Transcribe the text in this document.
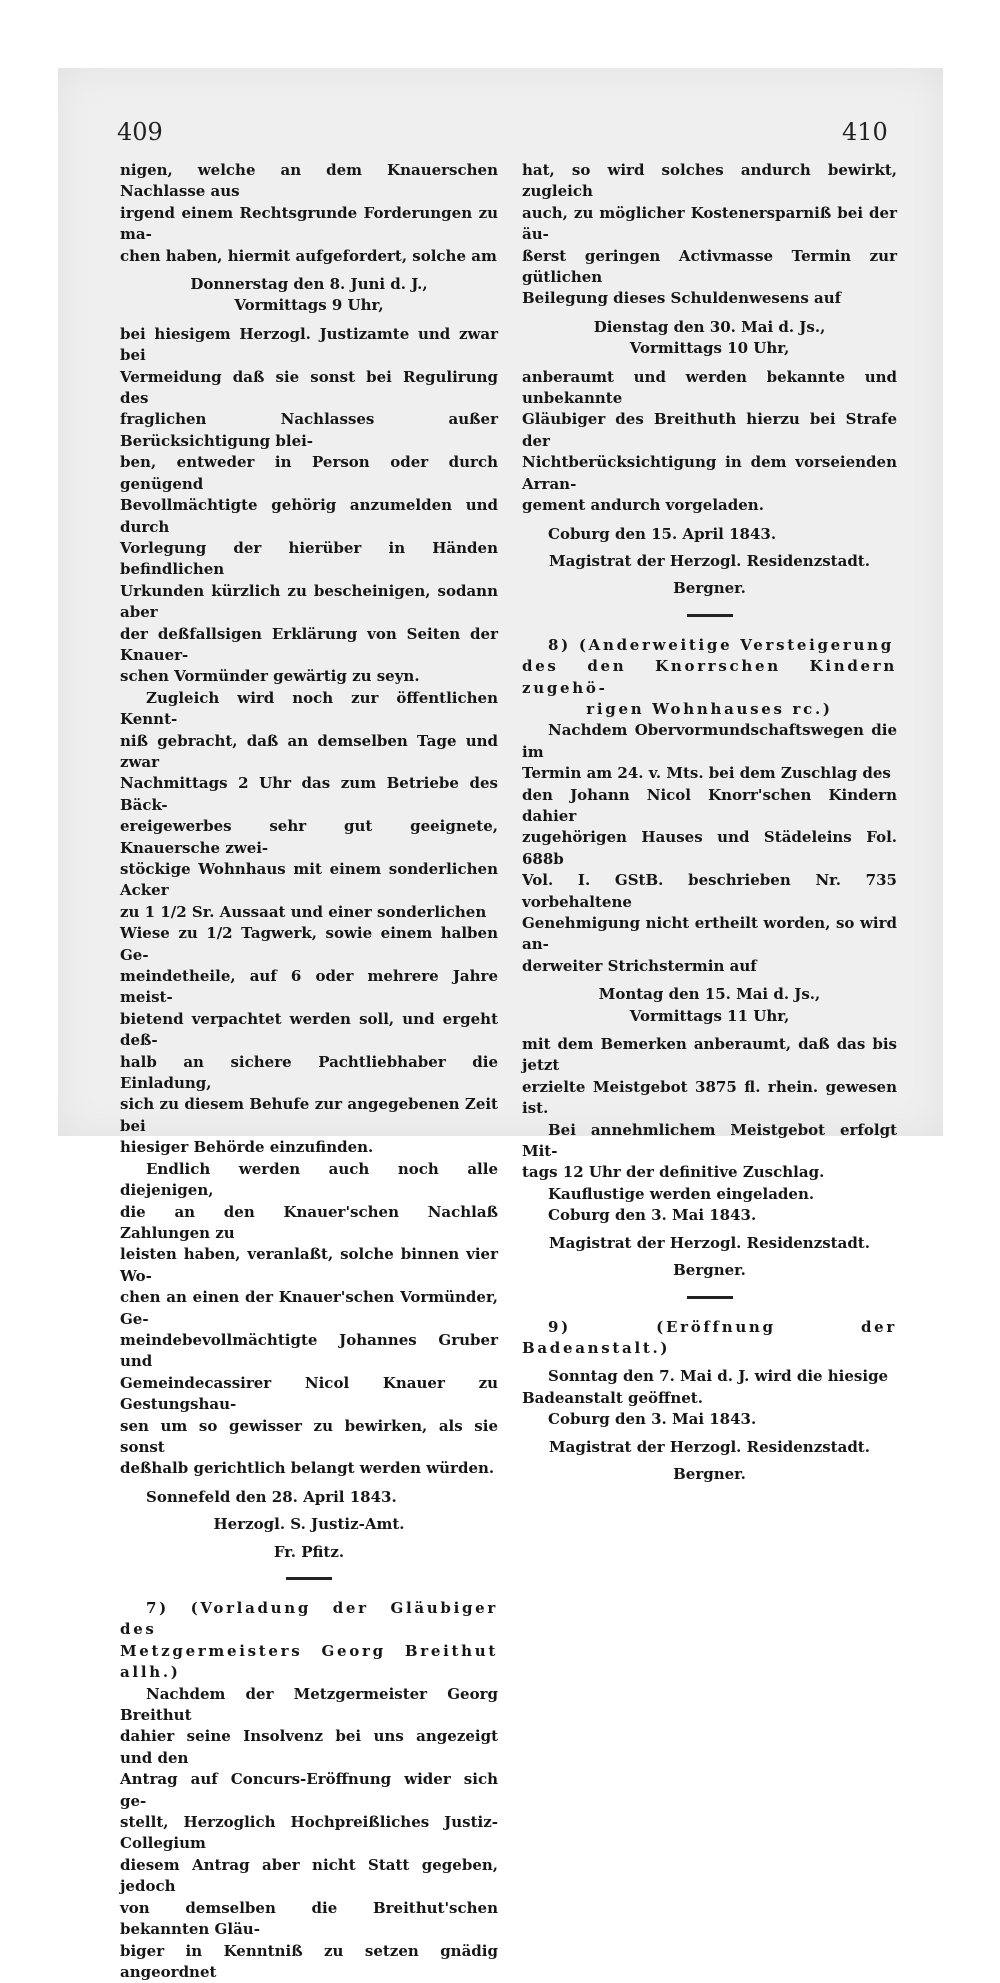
409	410
nigen, welche an dem Knauerschen Nachlasse aus
irgend einem Rechtsgrunde Forderungen zu ma-
chen haben, hiermit aufgefordert, solche am
Donnerstag den 8. Juni d. J.,
Vormittags 9 Uhr,
bei hiesigem Herzogl. Justizamte und zwar bei
Vermeidung daß sie sonst bei Regulirung des
fraglichen Nachlasses außer Berücksichtigung blei-
ben, entweder in Person oder durch genügend
Bevollmächtigte gehörig anzumelden und durch
Vorlegung der hierüber in Händen befindlichen
Urkunden kürzlich zu bescheinigen, sodann aber
der deßfallsigen Erklärung von Seiten der Knauer-
schen Vormünder gewärtig zu seyn.
Zugleich wird noch zur öffentlichen Kennt-
niß gebracht, daß an demselben Tage und zwar
Nachmittags 2 Uhr das zum Betriebe des Bäck-
ereigewerbes sehr gut geeignete, Knauersche zwei-
stöckige Wohnhaus mit einem sonderlichen Acker
zu 1 1/2 Sr. Aussaat und einer sonderlichen
Wiese zu 1/2 Tagwerk, sowie einem halben Ge-
meindetheile, auf 6 oder mehrere Jahre meist-
bietend verpachtet werden soll, und ergeht deß-
halb an sichere Pachtliebhaber die Einladung,
sich zu diesem Behufe zur angegebenen Zeit bei
hiesiger Behörde einzufinden.
Endlich werden auch noch alle diejenigen,
die an den Knauer'schen Nachlaß Zahlungen zu
leisten haben, veranlaßt, solche binnen vier Wo-
chen an einen der Knauer'schen Vormünder, Ge-
meindebevollmächtigte Johannes Gruber und
Gemeindecassirer Nicol Knauer zu Gestungshau-
sen um so gewisser zu bewirken, als sie sonst
deßhalb gerichtlich belangt werden würden.
Sonnefeld den 28. April 1843.
Herzogl. S. Justiz-Amt.
Fr. Pfitz.
7) (Vorladung der Gläubiger des
Metzgermeisters Georg Breithut allh.)
Nachdem der Metzgermeister Georg Breithut
dahier seine Insolvenz bei uns angezeigt und den
Antrag auf Concurs-Eröffnung wider sich ge-
stellt, Herzoglich Hochpreißliches Justiz-Collegium
diesem Antrag aber nicht Statt gegeben, jedoch
von demselben die Breithut'schen bekannten Gläu-
biger in Kenntniß zu setzen gnädig angeordnet
hat, so wird solches andurch bewirkt, zugleich
auch, zu möglicher Kostenersparniß bei der äu-
ßerst geringen Activmasse Termin zur gütlichen
Beilegung dieses Schuldenwesens auf
Dienstag den 30. Mai d. Js.,
Vormittags 10 Uhr,
anberaumt und werden bekannte und unbekannte
Gläubiger des Breithuth hierzu bei Strafe der
Nichtberücksichtigung in dem vorseienden Arran-
gement andurch vorgeladen.
Coburg den 15. April 1843.
Magistrat der Herzogl. Residenzstadt.
Bergner.
8) (Anderweitige Versteigerung
des den Knorrschen Kindern zugehö-
rigen Wohnhauses rc.)
Nachdem Obervormundschaftswegen die im
Termin am 24. v. Mts. bei dem Zuschlag des
den Johann Nicol Knorr'schen Kindern dahier
zugehörigen Hauses und Städeleins Fol. 688b
Vol. I. GStB. beschrieben Nr. 735 vorbehaltene
Genehmigung nicht ertheilt worden, so wird an-
derweiter Strichstermin auf
Montag den 15. Mai d. Js.,
Vormittags 11 Uhr,
mit dem Bemerken anberaumt, daß das bis jetzt
erzielte Meistgebot 3875 fl. rhein. gewesen ist.
Bei annehmlichem Meistgebot erfolgt Mit-
tags 12 Uhr der definitive Zuschlag.
Kauflustige werden eingeladen.
Coburg den 3. Mai 1843.
Magistrat der Herzogl. Residenzstadt.
Bergner.
9) (Eröffnung der Badeanstalt.)
Sonntag den 7. Mai d. J. wird die hiesige
Badeanstalt geöffnet.
Coburg den 3. Mai 1843.
Magistrat der Herzogl. Residenzstadt.
Bergner.
